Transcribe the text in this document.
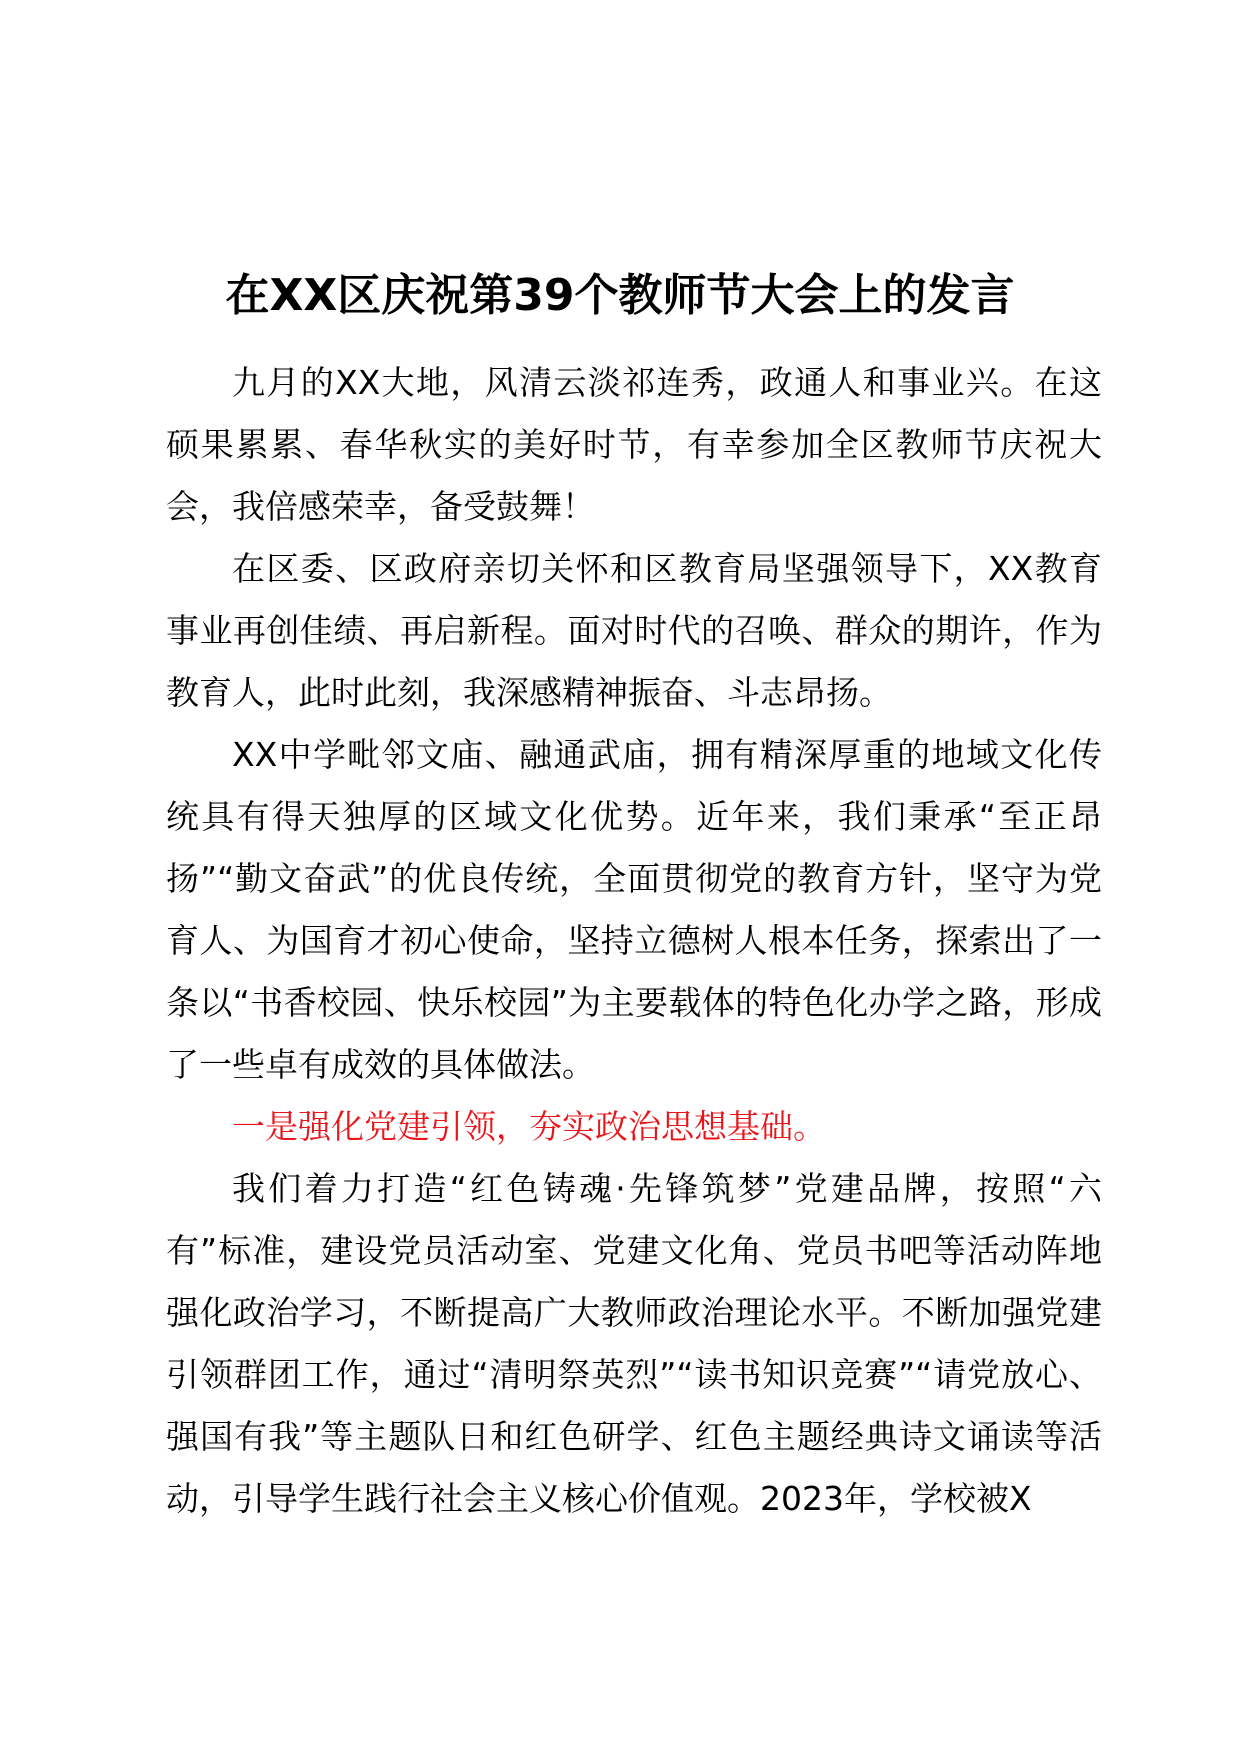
在XX区庆祝第39个教师节大会上的发言

九月的XX大地，风清云淡祁连秀，政通人和事业兴。在这硕果累累、春华秋实的美好时节，有幸参加全区教师节庆祝大会，我倍感荣幸，备受鼓舞！

在区委、区政府亲切关怀和区教育局坚强领导下，XX教育事业再创佳绩、再启新程。面对时代的召唤、群众的期许，作为教育人，此时此刻，我深感精神振奋、斗志昂扬。

XX中学毗邻文庙、融通武庙，拥有精深厚重的地域文化传统具有得天独厚的区域文化优势。近年来，我们秉承“至正昂扬”“勤文奋武”的优良传统，全面贯彻党的教育方针，坚守为党育人、为国育才初心使命，坚持立德树人根本任务，探索出了一条以“书香校园、快乐校园”为主要载体的特色化办学之路，形成了一些卓有成效的具体做法。

一是强化党建引领，夯实政治思想基础。

我们着力打造“红色铸魂·先锋筑梦”党建品牌，按照“六有”标准，建设党员活动室、党建文化角、党员书吧等活动阵地强化政治学习，不断提高广大教师政治理论水平。不断加强党建引领群团工作，通过“清明祭英烈”“读书知识竞赛”“请党放心、强国有我”等主题队日和红色研学、红色主题经典诗文诵读等活动，引导学生践行社会主义核心价值观。2023年，学校被X
